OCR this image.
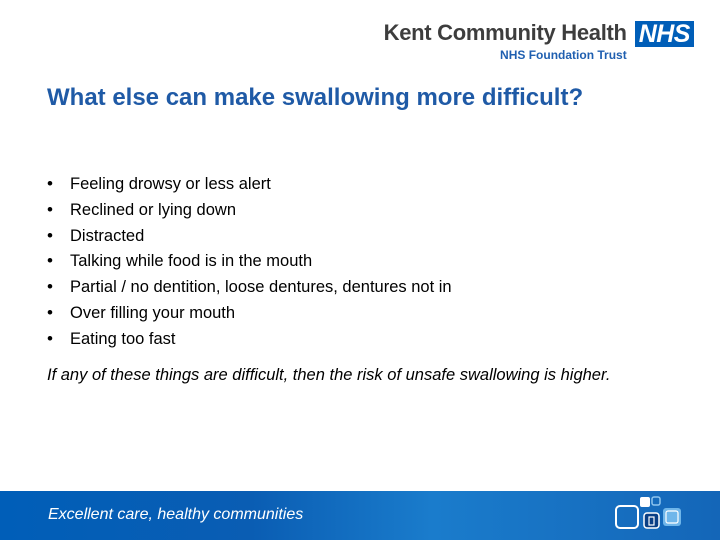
Kent Community Health
NHS Foundation Trust
NHS
What else can make swallowing more difficult?
• Feeling drowsy or less alert
• Reclined or lying down
• Distracted
• Talking while food is in the mouth
• Partial / no dentition, loose dentures, dentures not in
• Over filling your mouth
• Eating too fast

If any of these things are difficult, then the risk of unsafe swallowing is higher.

Excellent care, healthy communities
